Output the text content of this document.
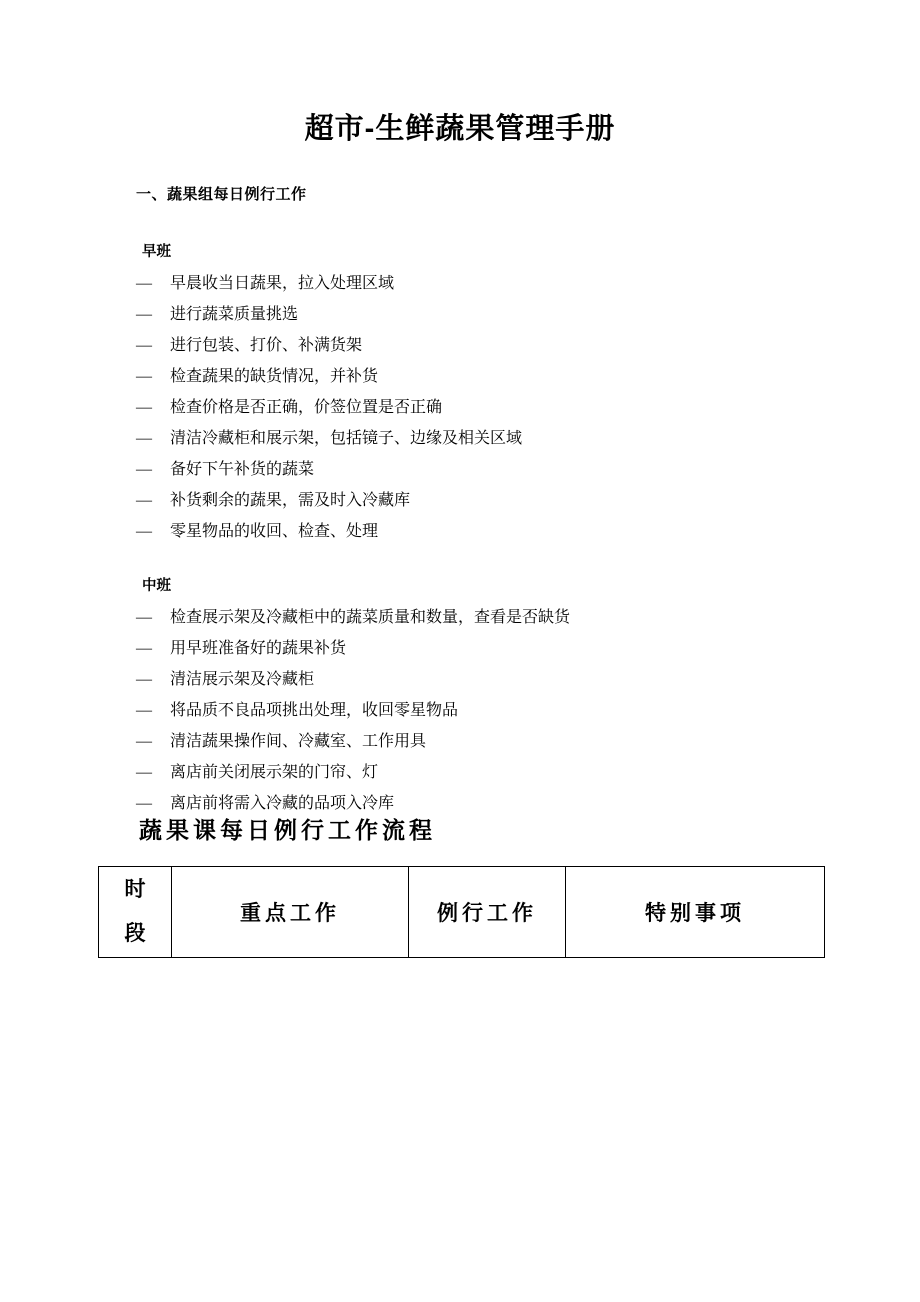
超市-生鲜蔬果管理手册
一、蔬果组每日例行工作
早班
—	早晨收当日蔬果，拉入处理区域
—	进行蔬菜质量挑选
—	进行包装、打价、补满货架
—	检查蔬果的缺货情况，并补货
—	检查价格是否正确，价签位置是否正确
—	清洁冷藏柜和展示架，包括镜子、边缘及相关区域
—	备好下午补货的蔬菜
—	补货剩余的蔬果，需及时入冷藏库
—	零星物品的收回、检查、处理
中班
—	检查展示架及冷藏柜中的蔬菜质量和数量，查看是否缺货
—	用早班准备好的蔬果补货
—	清洁展示架及冷藏柜
—	将品质不良品项挑出处理，收回零星物品
—	清洁蔬果操作间、冷藏室、工作用具
—	离店前关闭展示架的门帘、灯
—	离店前将需入冷藏的品项入冷库
蔬果课每日例行工作流程
时
段
	重点工作	例行工作	特别事项
